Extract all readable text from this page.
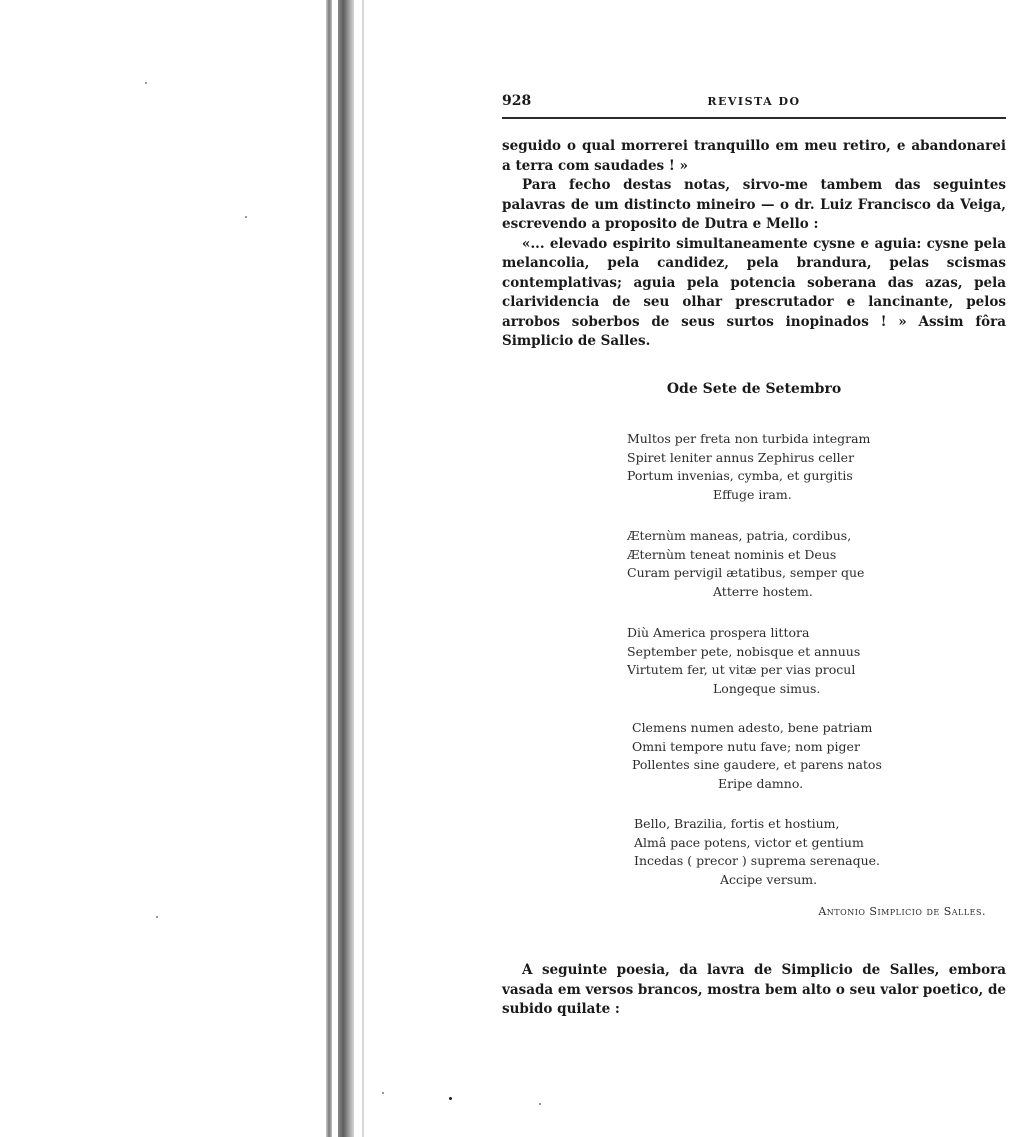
928	REVISTA DO

seguido o qual morrerei tranquillo em meu retiro, e abandonarei a terra com saudades ! »

Para fecho destas notas, sirvo-me tambem das seguintes palavras de um distincto mineiro — o dr. Luiz Francisco da Veiga, escrevendo a proposito de Dutra e Mello :

«... elevado espirito simultaneamente cysne e aguia: cysne pela melancolia, pela candidez, pela brandura, pelas scismas contemplativas; aguia pela potencia soberana das azas, pela clarividencia de seu olhar prescrutador e lancinante, pelos arrobos soberbos de seus surtos inopinados ! » Assim fôra Simplicio de Salles.

Ode Sete de Setembro
Multos per freta non turbida integram
Spiret leniter annus Zephirus celler
Portum invenias, cymba, et gurgitis
Effuge iram.
Æternùm maneas, patria, cordibus,
Æternùm teneat nominis et Deus
Curam pervigil ætatibus, semper que
Atterre hostem.
Diù America prospera littora
September pete, nobisque et annuus
Virtutem fer, ut vitæ per vias procul
Longeque simus.
Clemens numen adesto, bene patriam
Omni tempore nutu fave; nom piger
Pollentes sine gaudere, et parens natos
Eripe damno.
Bello, Brazilia, fortis et hostium,
Almâ pace potens, victor et gentium
Incedas ( precor ) suprema serenaque.
Accipe versum.
Antonio Simplicio de Salles.

A seguinte poesia, da lavra de Simplicio de Salles, embora vasada em versos brancos, mostra bem alto o seu valor poetico, de subido quilate :
